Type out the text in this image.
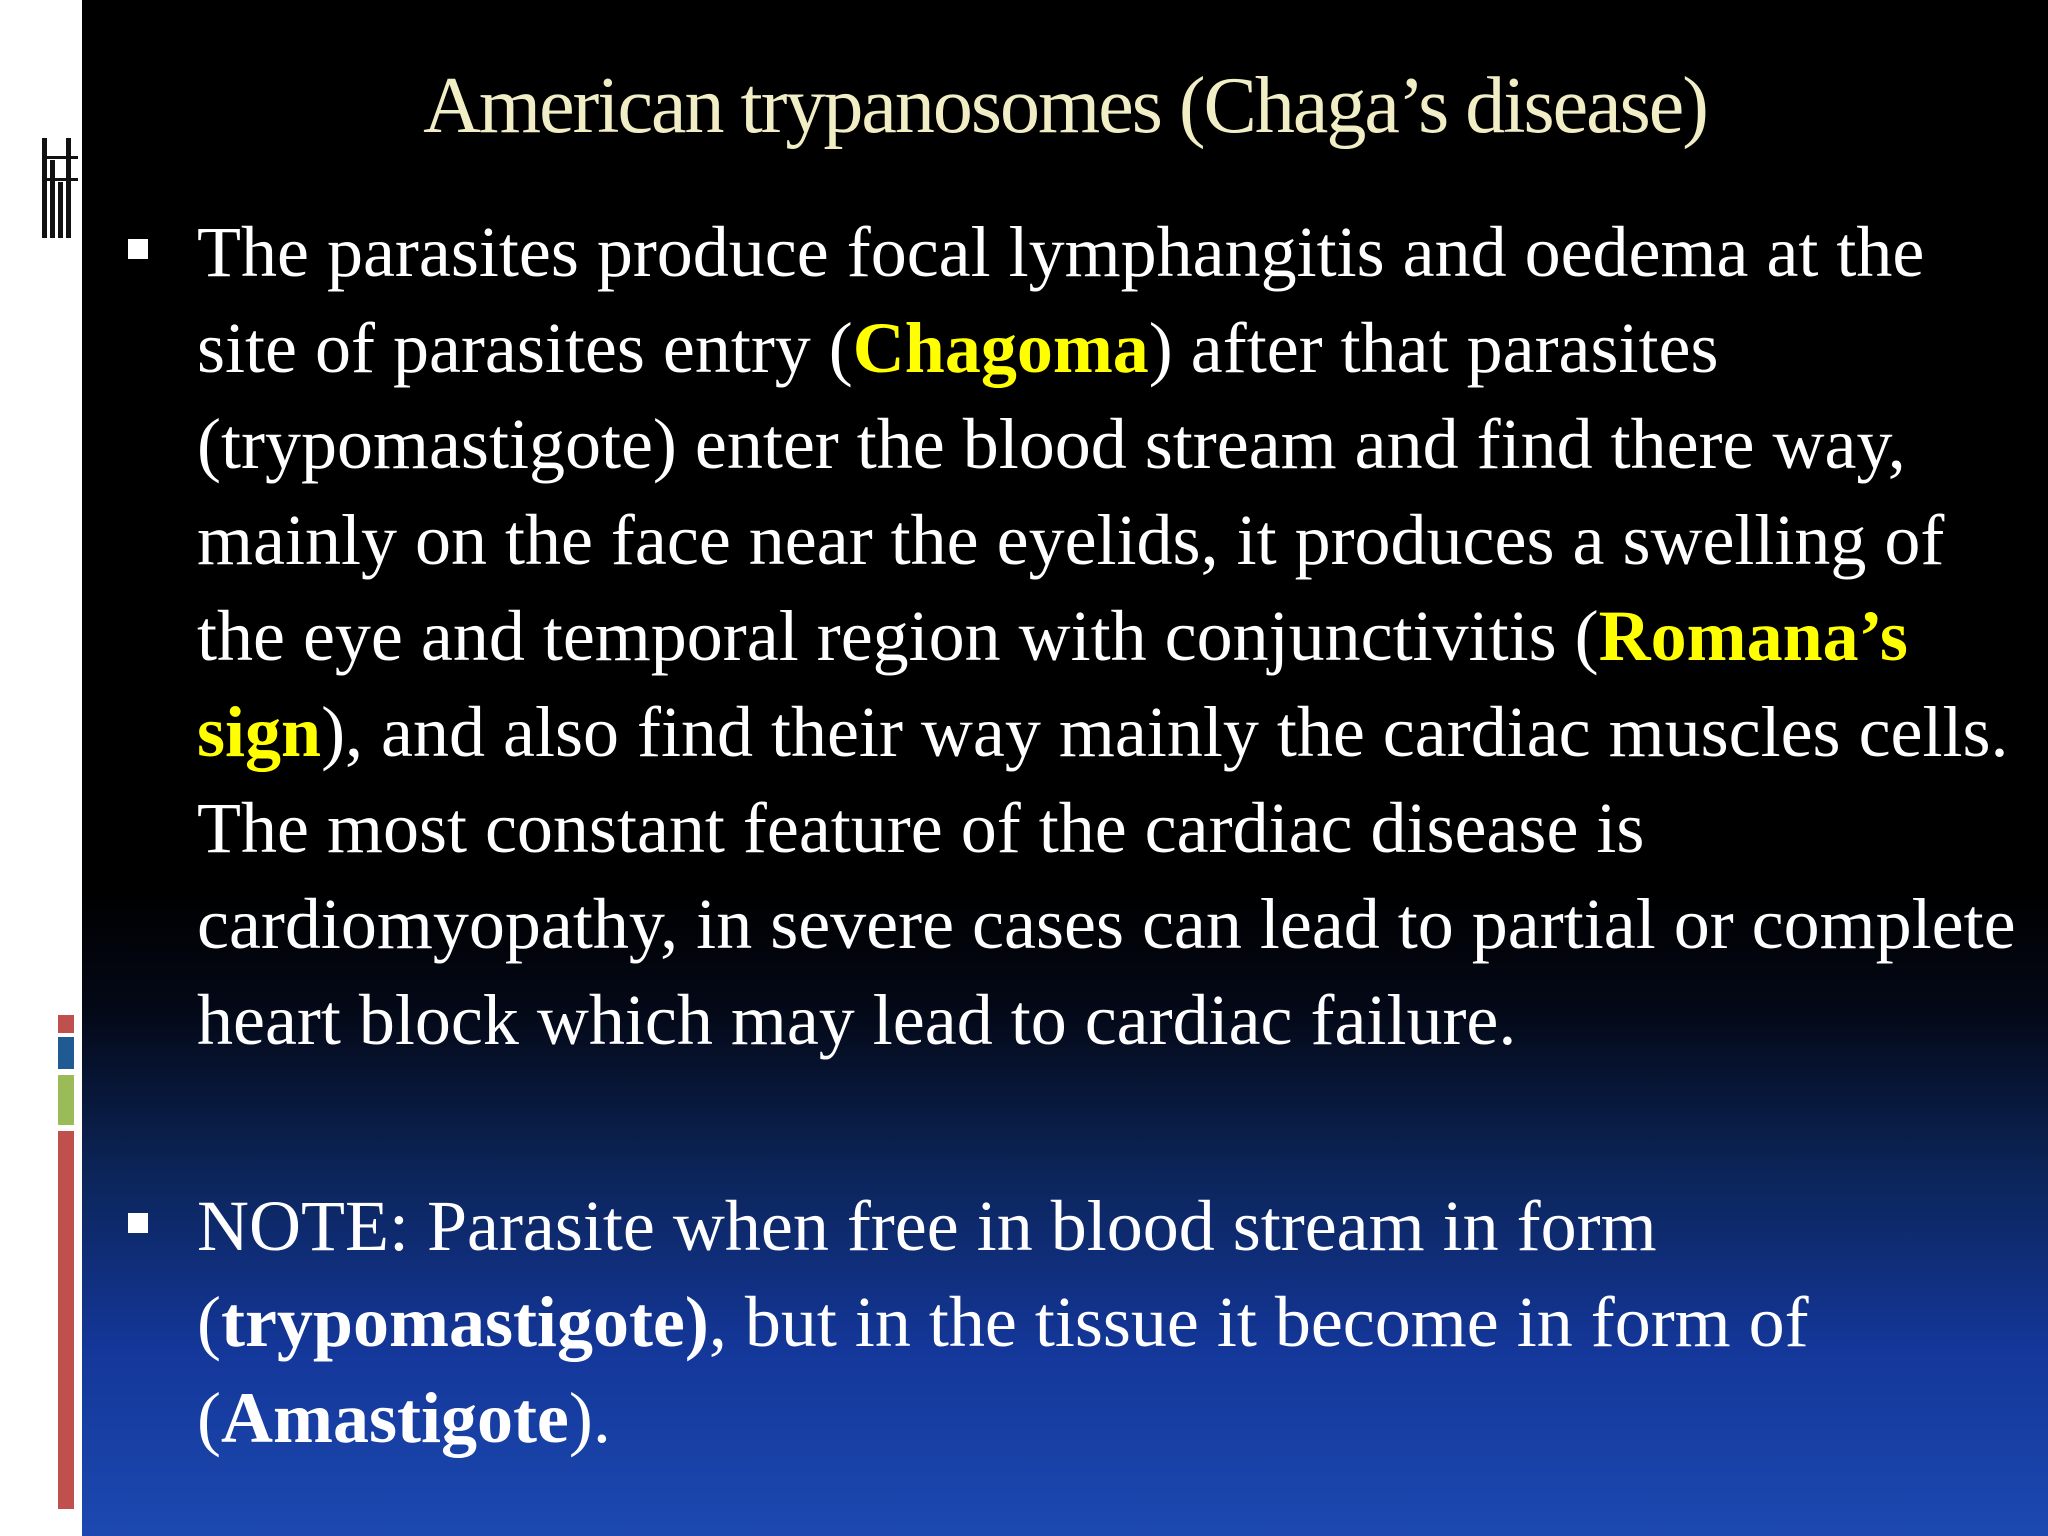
American trypanosomes (Chaga’s disease)
The parasites produce focal lymphangitis and oedema at the site of parasites entry (Chagoma) after that parasites (trypomastigote) enter the blood stream and find there way, mainly on the face near the eyelids, it produces a swelling of the eye and temporal region with conjunctivitis (Romana’s sign), and also find their way mainly the cardiac muscles cells. The most constant feature of the cardiac disease is cardiomyopathy, in severe cases can lead to partial or complete heart block which may lead to cardiac failure.
NOTE: Parasite when free in blood stream in form (trypomastigote), but in the tissue it become in form of (Amastigote).
